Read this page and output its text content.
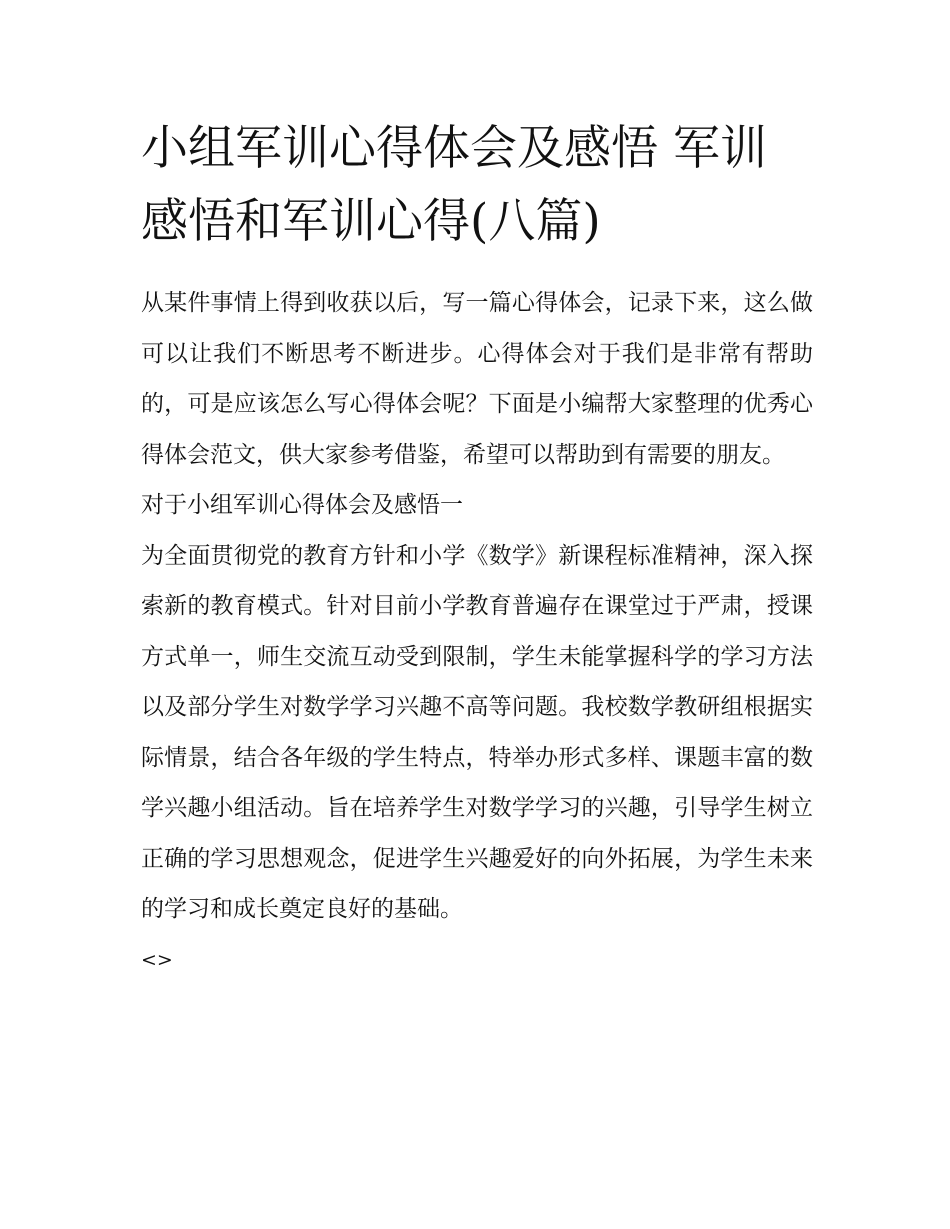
小组军训心得体会及感悟 军训感悟和军训心得(八篇)

从某件事情上得到收获以后，写一篇心得体会，记录下来，这么做可以让我们不断思考不断进步。心得体会对于我们是非常有帮助的，可是应该怎么写心得体会呢？下面是小编帮大家整理的优秀心得体会范文，供大家参考借鉴，希望可以帮助到有需要的朋友。

对于小组军训心得体会及感悟一

为全面贯彻党的教育方针和小学《数学》新课程标准精神，深入探索新的教育模式。针对目前小学教育普遍存在课堂过于严肃，授课方式单一，师生交流互动受到限制，学生未能掌握科学的学习方法以及部分学生对数学学习兴趣不高等问题。我校数学教研组根据实际情景，结合各年级的学生特点，特举办形式多样、课题丰富的数学兴趣小组活动。旨在培养学生对数学学习的兴趣，引导学生树立正确的学习思想观念，促进学生兴趣爱好的向外拓展，为学生未来的学习和成长奠定良好的基础。

<>
